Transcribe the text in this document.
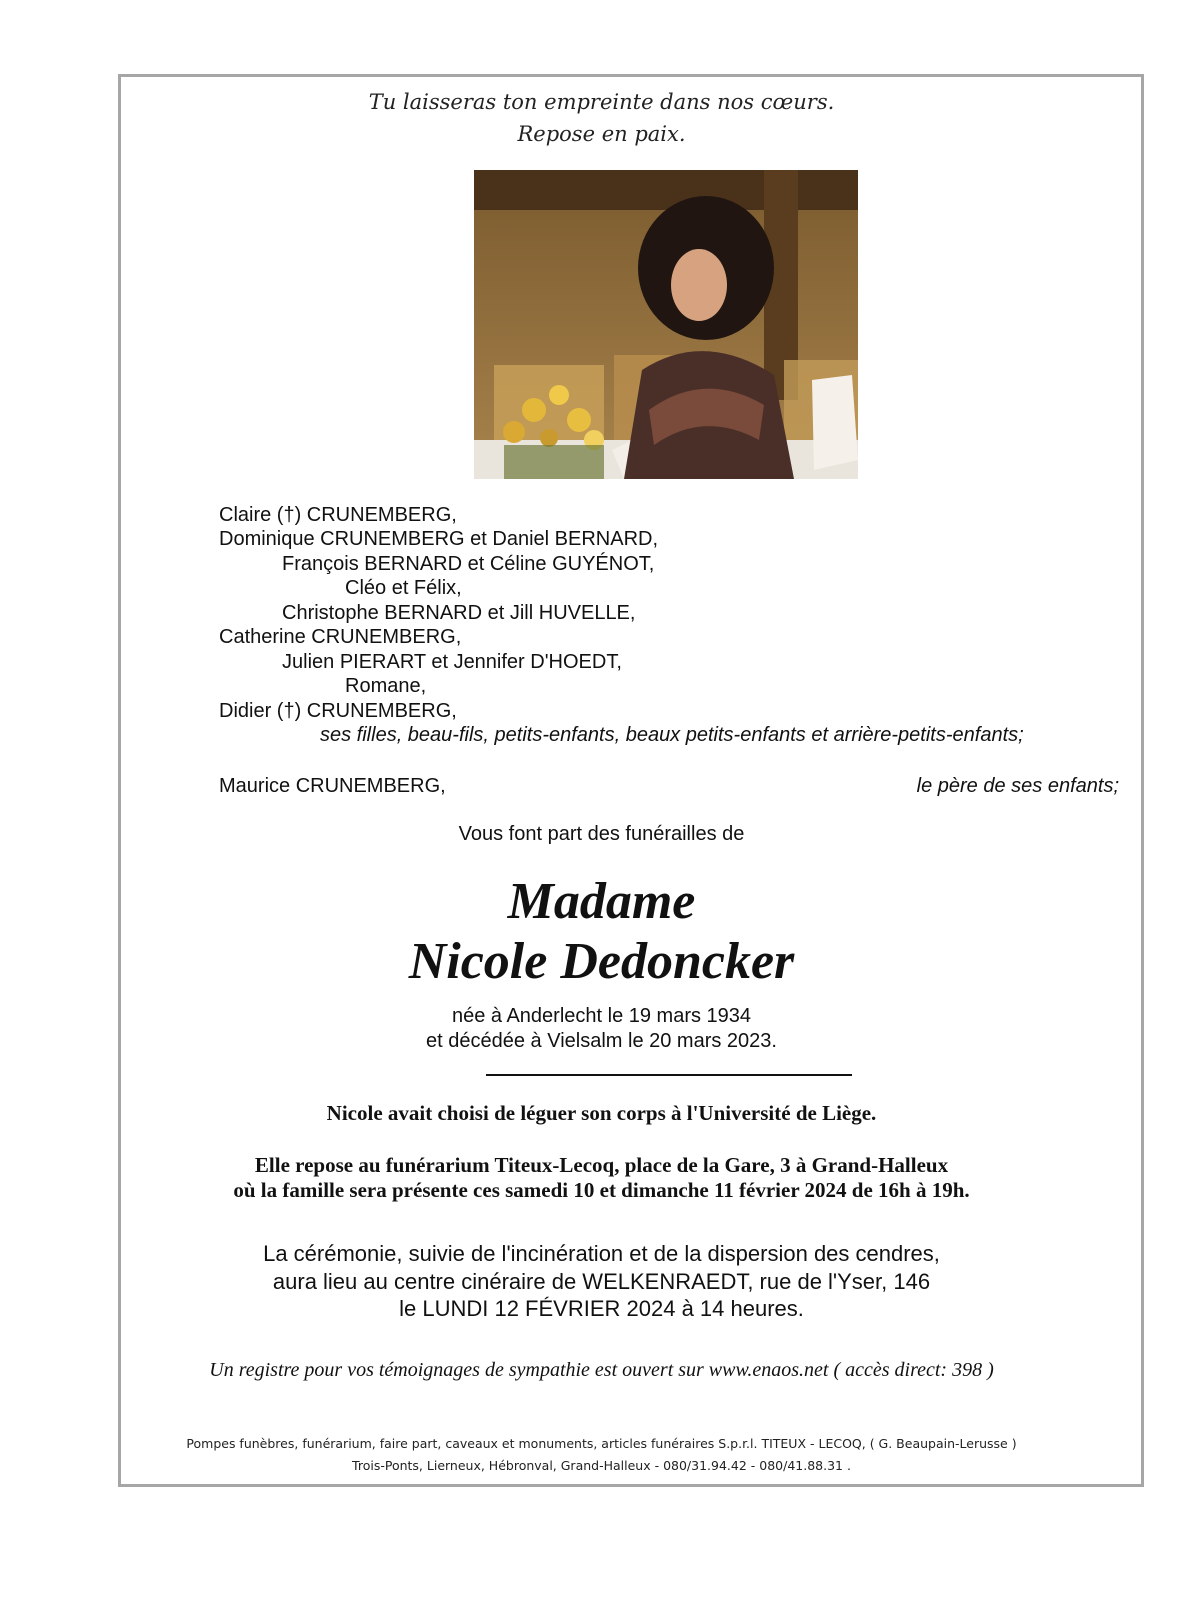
Tu laisseras ton empreinte dans nos cœurs.
Repose en paix.
Claire (†) CRUNEMBERG,
Dominique CRUNEMBERG et Daniel BERNARD,
François BERNARD et Céline GUYÉNOT,
Cléo et Félix,
Christophe BERNARD et Jill HUVELLE,
Catherine CRUNEMBERG,
Julien PIERART et Jennifer D'HOEDT,
Romane,
Didier (†) CRUNEMBERG,
ses filles, beau-fils, petits-enfants, beaux petits-enfants et arrière-petits-enfants;
Maurice CRUNEMBERG,	le père de ses enfants;
Vous font part des funérailles de
Madame
Nicole Dedoncker
née à Anderlecht le 19 mars 1934
et décédée à Vielsalm le 20 mars 2023.
Nicole avait choisi de léguer son corps à l'Université de Liège.
Elle repose au funérarium Titeux-Lecoq, place de la Gare, 3 à Grand-Halleux
où la famille sera présente ces samedi 10 et dimanche 11 février 2024 de 16h à 19h.
La cérémonie, suivie de l'incinération et de la dispersion des cendres,
aura lieu au centre cinéraire de WELKENRAEDT, rue de l'Yser, 146
le LUNDI 12 FÉVRIER 2024 à 14 heures.
Un registre pour vos témoignages de sympathie est ouvert sur www.enaos.net ( accès direct: 398 )
Pompes funèbres, funérarium, faire part, caveaux et monuments, articles funéraires S.p.r.l. TITEUX - LECOQ, ( G. Beaupain-Lerusse )
Trois-Ponts, Lierneux, Hébronval, Grand-Halleux - 080/31.94.42 - 080/41.88.31 .
